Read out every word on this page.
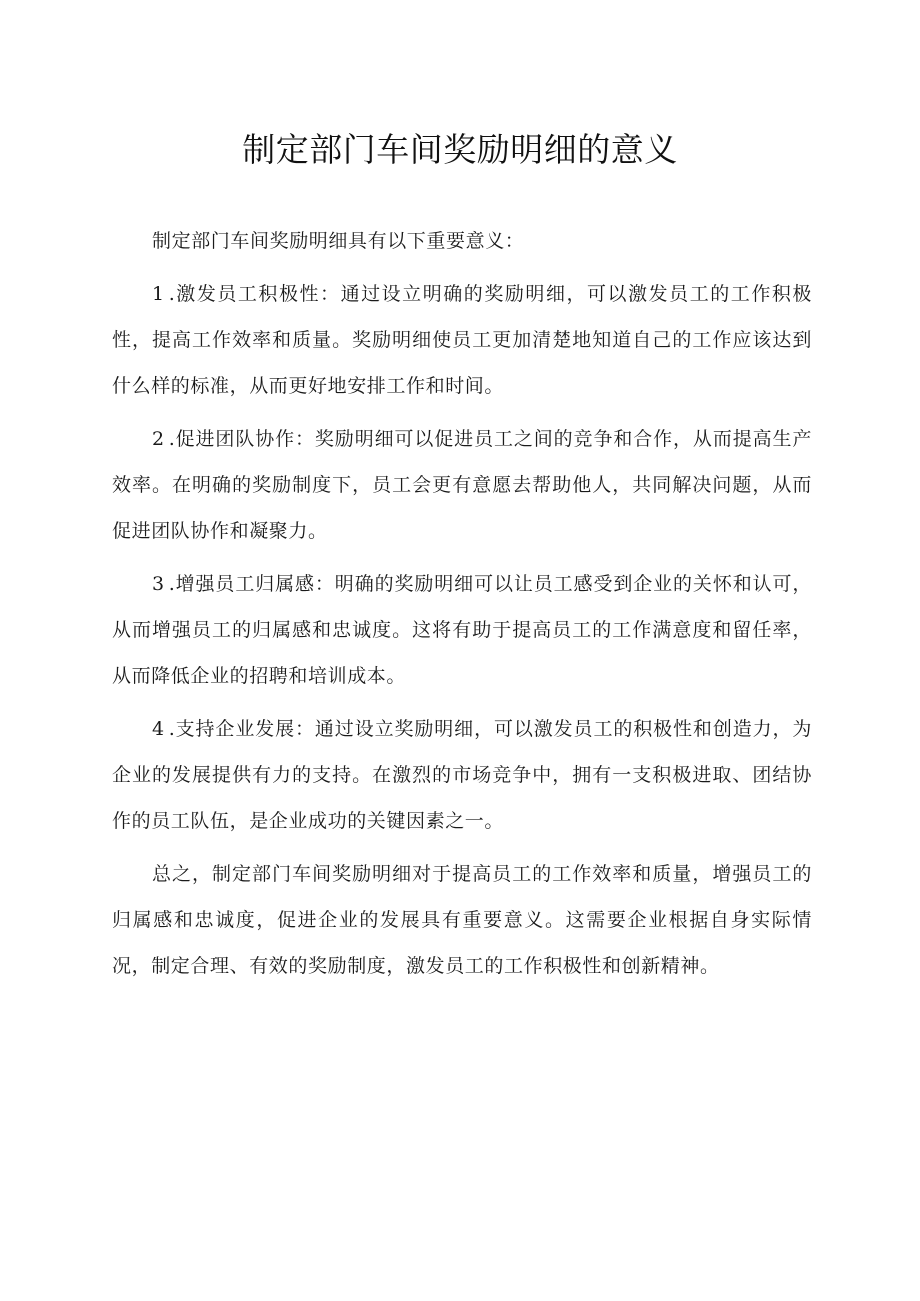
制定部门车间奖励明细的意义

制定部门车间奖励明细具有以下重要意义：

1 .激发员工积极性：通过设立明确的奖励明细，可以激发员工的工作积极性，提高工作效率和质量。奖励明细使员工更加清楚地知道自己的工作应该达到什么样的标准，从而更好地安排工作和时间。

2 .促进团队协作：奖励明细可以促进员工之间的竞争和合作，从而提高生产效率。在明确的奖励制度下，员工会更有意愿去帮助他人，共同解决问题，从而促进团队协作和凝聚力。

3 .增强员工归属感：明确的奖励明细可以让员工感受到企业的关怀和认可，从而增强员工的归属感和忠诚度。这将有助于提高员工的工作满意度和留任率，从而降低企业的招聘和培训成本。

4 .支持企业发展：通过设立奖励明细，可以激发员工的积极性和创造力，为企业的发展提供有力的支持。在激烈的市场竞争中，拥有一支积极进取、团结协作的员工队伍，是企业成功的关键因素之一。

总之，制定部门车间奖励明细对于提高员工的工作效率和质量，增强员工的归属感和忠诚度，促进企业的发展具有重要意义。这需要企业根据自身实际情况，制定合理、有效的奖励制度，激发员工的工作积极性和创新精神。
